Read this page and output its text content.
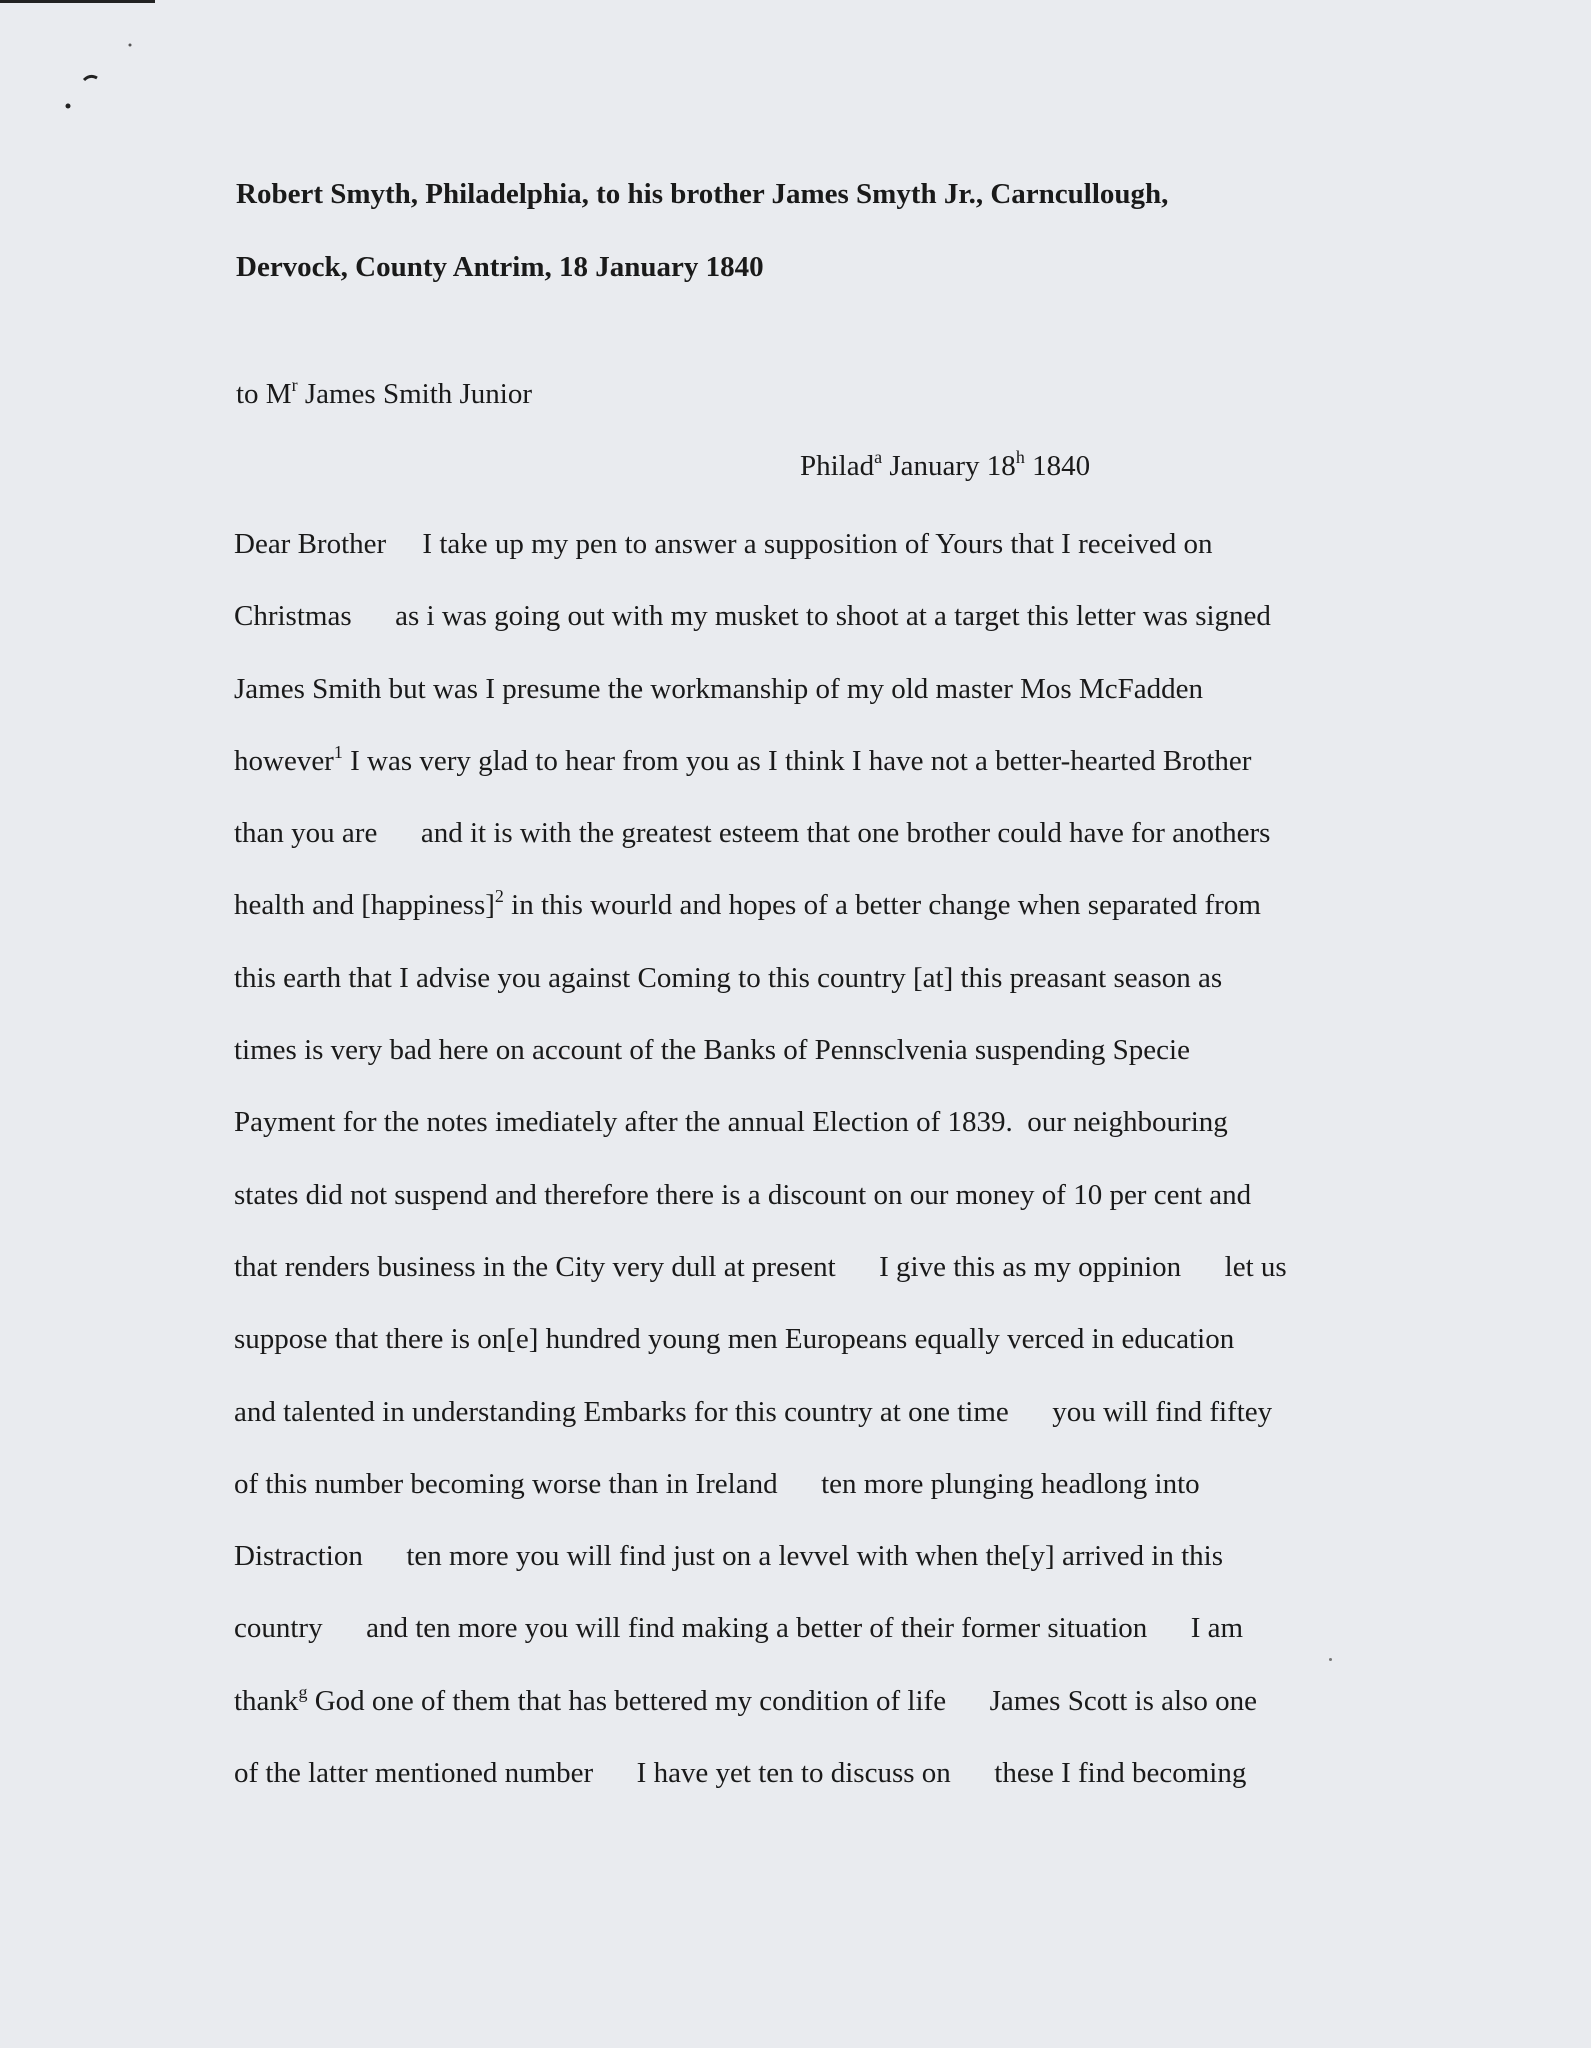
Robert Smyth, Philadelphia, to his brother James Smyth Jr., Carncullough,
Dervock, County Antrim, 18 January 1840
to $M^r$ James Smith Junior
Philad$^a$ January 18$^h$ 1840
Dear Brother     I take up my pen to answer a supposition of Yours that I received on
Christmas      as i was going out with my musket to shoot at a target this letter was signed
James Smith but was I presume the workmanship of my old master Mos McFadden
however$^1$ I was very glad to hear from you as I think I have not a better-hearted Brother
than you are      and it is with the greatest esteem that one brother could have for anothers
health and [happiness]$^2$ in this wourld and hopes of a better change when separated from
this earth that I advise you against Coming to this country [at] this preasant season as
times is very bad here on account of the Banks of Pennsclvenia suspending Specie
Payment for the notes imediately after the annual Election of 1839.  our neighbouring
states did not suspend and therefore there is a discount on our money of 10 per cent and
that renders business in the City very dull at present      I give this as my oppinion      let us
suppose that there is on[e] hundred young men Europeans equally verced in education
and talented in understanding Embarks for this country at one time      you will find fiftey
of this number becoming worse than in Ireland      ten more plunging headlong into
Distraction      ten more you will find just on a levvel with when the[y] arrived in this
country      and ten more you will find making a better of their former situation      I am
thank$^g$ God one of them that has bettered my condition of life      James Scott is also one
of the latter mentioned number      I have yet ten to discuss on      these I find becoming
